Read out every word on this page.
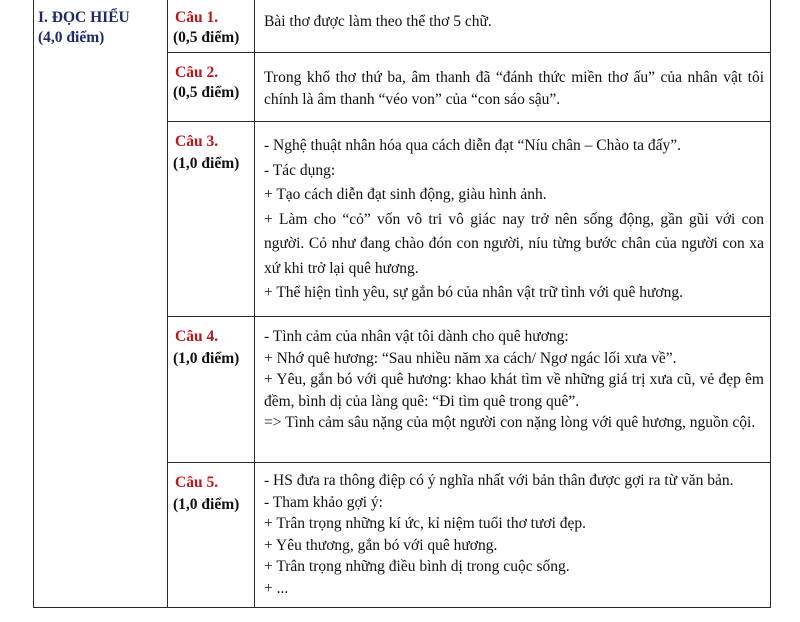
I. ĐỌC HIỂU
(4,0 điểm)
Câu 1.
(0,5 điểm)

Bài thơ được làm theo thể thơ 5 chữ.

Câu 2.
(0,5 điểm)

Trong khổ thơ thứ ba, âm thanh đã “đánh thức miền thơ ấu” của nhân vật tôi chính là âm thanh “véo von” của “con sáo sậu”.

Câu 3.
(1,0 điểm)

- Nghệ thuật nhân hóa qua cách diễn đạt “Níu chân – Chào ta đấy”.

- Tác dụng:

+ Tạo cách diễn đạt sinh động, giàu hình ảnh.

+ Làm cho “cỏ” vốn vô tri vô giác nay trở nên sống động, gần gũi với con người. Cỏ như đang chào đón con người, níu từng bước chân của người con xa xứ khi trở lại quê hương.

+ Thể hiện tình yêu, sự gắn bó của nhân vật trữ tình với quê hương.

Câu 4.
(1,0 điểm)

- Tình cảm của nhân vật tôi dành cho quê hương:

+ Nhớ quê hương: “Sau nhiều năm xa cách/ Ngơ ngác lối xưa về”.

+ Yêu, gắn bó với quê hương: khao khát tìm về những giá trị xưa cũ, vẻ đẹp êm đềm, bình dị của làng quê: “Đi tìm quê trong quê”.

=> Tình cảm sâu nặng của một người con nặng lòng với quê hương, nguồn cội.

Câu 5.
(1,0 điểm)

- HS đưa ra thông điệp có ý nghĩa nhất với bản thân được gợi ra từ văn bản.

- Tham khảo gợi ý:

+ Trân trọng những kí ức, kỉ niệm tuổi thơ tươi đẹp.

+ Yêu thương, gắn bó với quê hương.

+ Trân trọng những điều bình dị trong cuộc sống.

+ ...
